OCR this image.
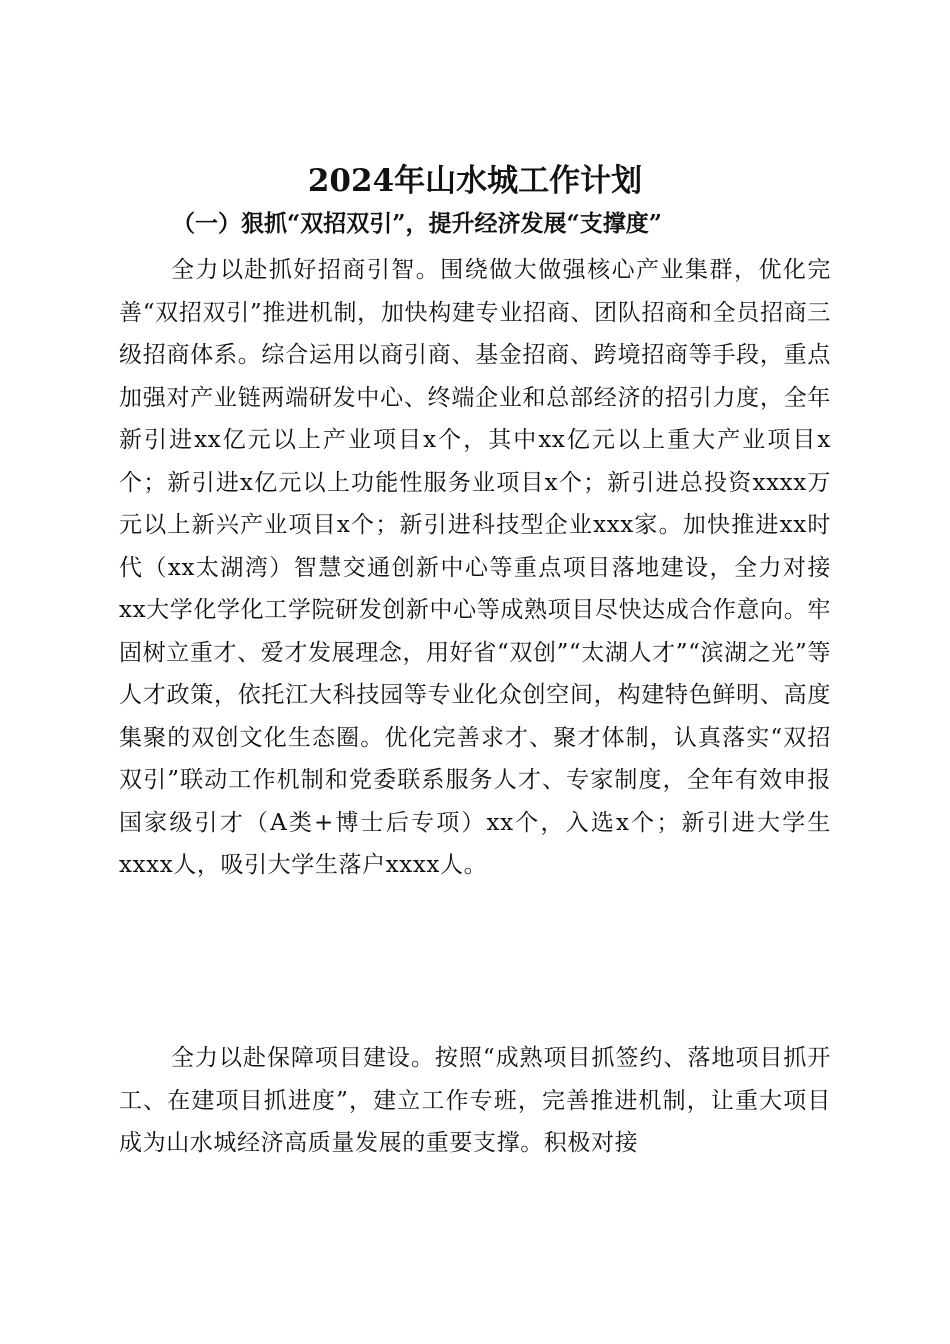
2024年山水城工作计划
（一）狠抓“双招双引”，提升经济发展“支撑度”

全力以赴抓好招商引智。围绕做大做强核心产业集群，优化完善“双招双引”推进机制，加快构建专业招商、团队招商和全员招商三级招商体系。综合运用以商引商、基金招商、跨境招商等手段，重点加强对产业链两端研发中心、终端企业和总部经济的招引力度，全年新引进xx亿元以上产业项目x个，其中xx亿元以上重大产业项目x个；新引进x亿元以上功能性服务业项目x个；新引进总投资xxxx万元以上新兴产业项目x个；新引进科技型企业xxx家。加快推进xx时代（xx太湖湾）智慧交通创新中心等重点项目落地建设，全力对接xx大学化学化工学院研发创新中心等成熟项目尽快达成合作意向。牢固树立重才、爱才发展理念，用好省“双创”“太湖人才”“滨湖之光”等人才政策，依托江大科技园等专业化众创空间，构建特色鲜明、高度集聚的双创文化生态圈。优化完善求才、聚才体制，认真落实“双招双引”联动工作机制和党委联系服务人才、专家制度，全年有效申报国家级引才（A类+博士后专项）xx个，入选x个；新引进大学生xxxx人，吸引大学生落户xxxx人。

全力以赴保障项目建设。按照“成熟项目抓签约、落地项目抓开工、在建项目抓进度”，建立工作专班，完善推进机制，让重大项目成为山水城经济高质量发展的重要支撑。积极对接
